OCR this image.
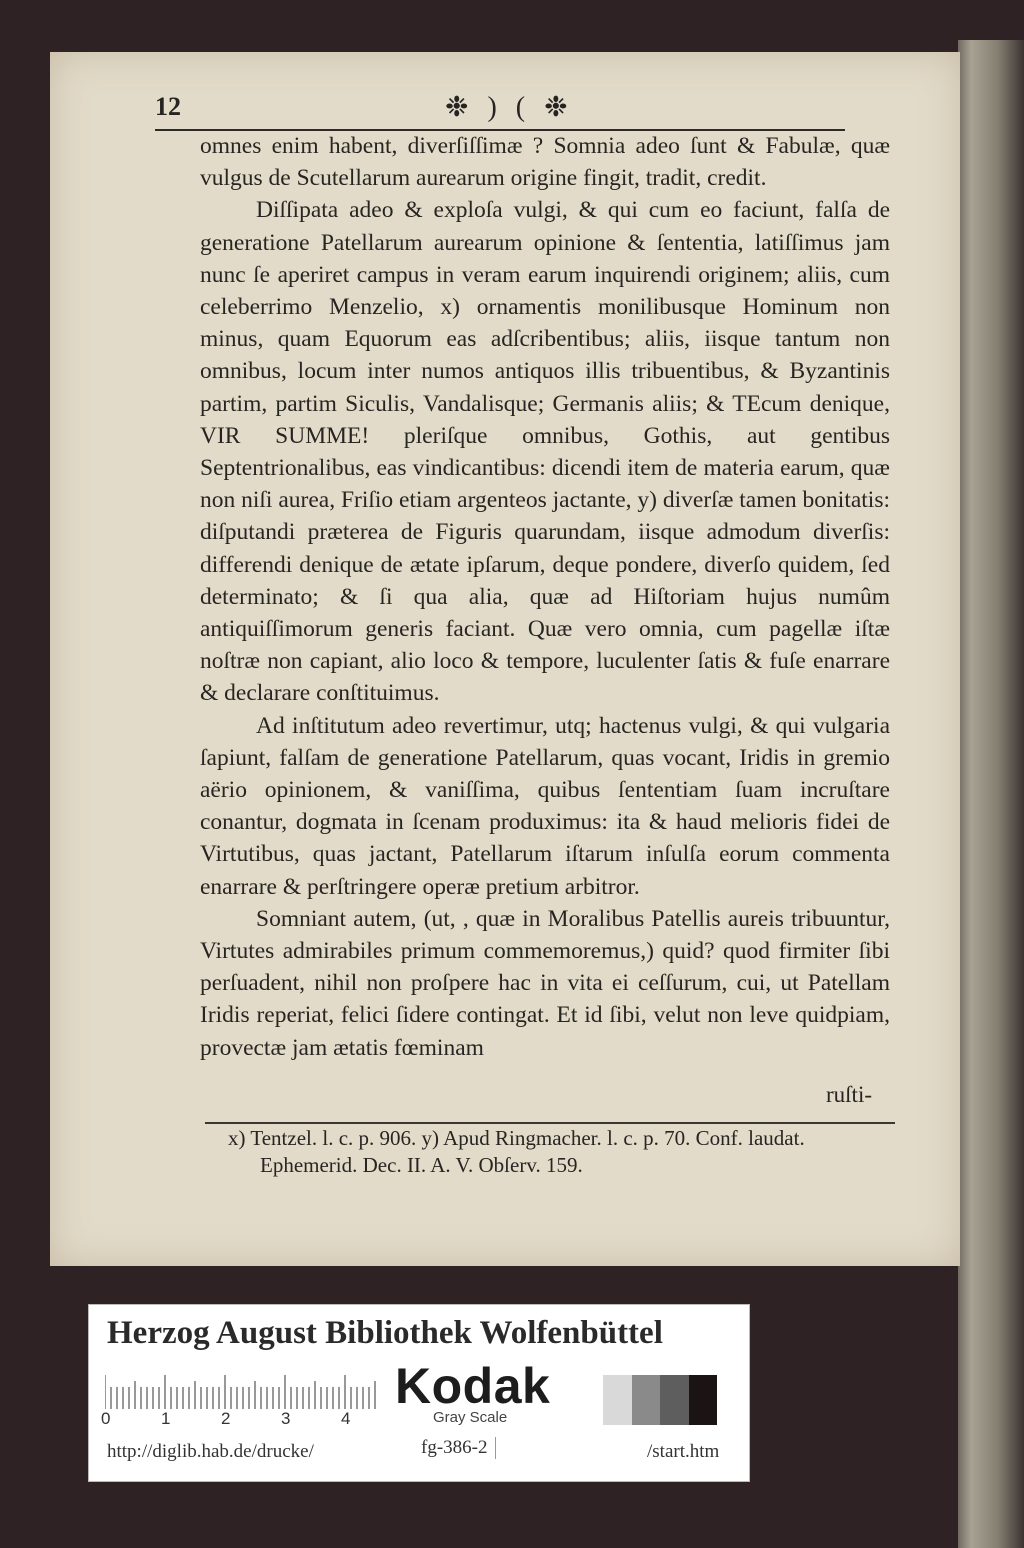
12	❉ ) ( ❉

omnes enim habent, diverſiſſimæ ? Somnia adeo ſunt & Fabulæ, quæ vulgus de Scutellarum aurearum origine fingit, tradit, credit.

Diſſipata adeo & exploſa vulgi, & qui cum eo faciunt, falſa de generatione Patellarum aurearum opinione & ſententia, latiſſimus jam nunc ſe aperiret campus in veram earum inquirendi originem; aliis, cum celeberrimo Menzelio, x) ornamentis monilibusque Hominum non minus, quam Equorum eas adſcribentibus; aliis, iisque tantum non omnibus, locum inter numos antiquos illis tribuentibus, & Byzantinis partim, partim Siculis, Vandalisque; Germanis aliis; & TEcum denique, VIR SUMME! pleriſque omnibus, Gothis, aut gentibus Septentrionalibus, eas vindicantibus: dicendi item de materia earum, quæ non niſi aurea, Friſio etiam argenteos jactante, y) diverſæ tamen bonitatis: diſputandi præterea de Figuris quarundam, iisque admodum diverſis: differendi denique de ætate ipſarum, deque pondere, diverſo quidem, ſed determinato; & ſi qua alia, quæ ad Hiſtoriam hujus numûm antiquiſſimorum generis faciant. Quæ vero omnia, cum pagellæ iſtæ noſtræ non capiant, alio loco & tempore, luculenter ſatis & fuſe enarrare & declarare conſtituimus.

Ad inſtitutum adeo revertimur, utq; hactenus vulgi, & qui vulgaria ſapiunt, falſam de generatione Patellarum, quas vocant, Iridis in gremio aërio opinionem, & vaniſſima, quibus ſententiam ſuam incruſtare conantur, dogmata in ſcenam produximus: ita & haud melioris fidei de Virtutibus, quas jactant, Patellarum iſtarum inſulſa eorum commenta enarrare & perſtringere operæ pretium arbitror.

Somniant autem, (ut, , quæ in Moralibus Patellis aureis tribuuntur, Virtutes admirabiles primum commemoremus,) quid? quod firmiter ſibi perſuadent, nihil non proſpere hac in vita ei ceſſurum, cui, ut Patellam Iridis reperiat, felici ſidere contingat. Et id ſibi, velut non leve quidpiam, provectæ jam ætatis fœminam

ruſti-
x) Tentzel. l. c. p. 906. y) Apud Ringmacher. l. c. p. 70. Conf. laudat.
Ephemerid. Dec. II. A. V. Obſerv. 159.
Herzog August Bibliothek Wolfenbüttel
0	1	2	3	4
Kodak
Gray Scale
http://diglib.hab.de/drucke/	fg-386-2	/start.htm
